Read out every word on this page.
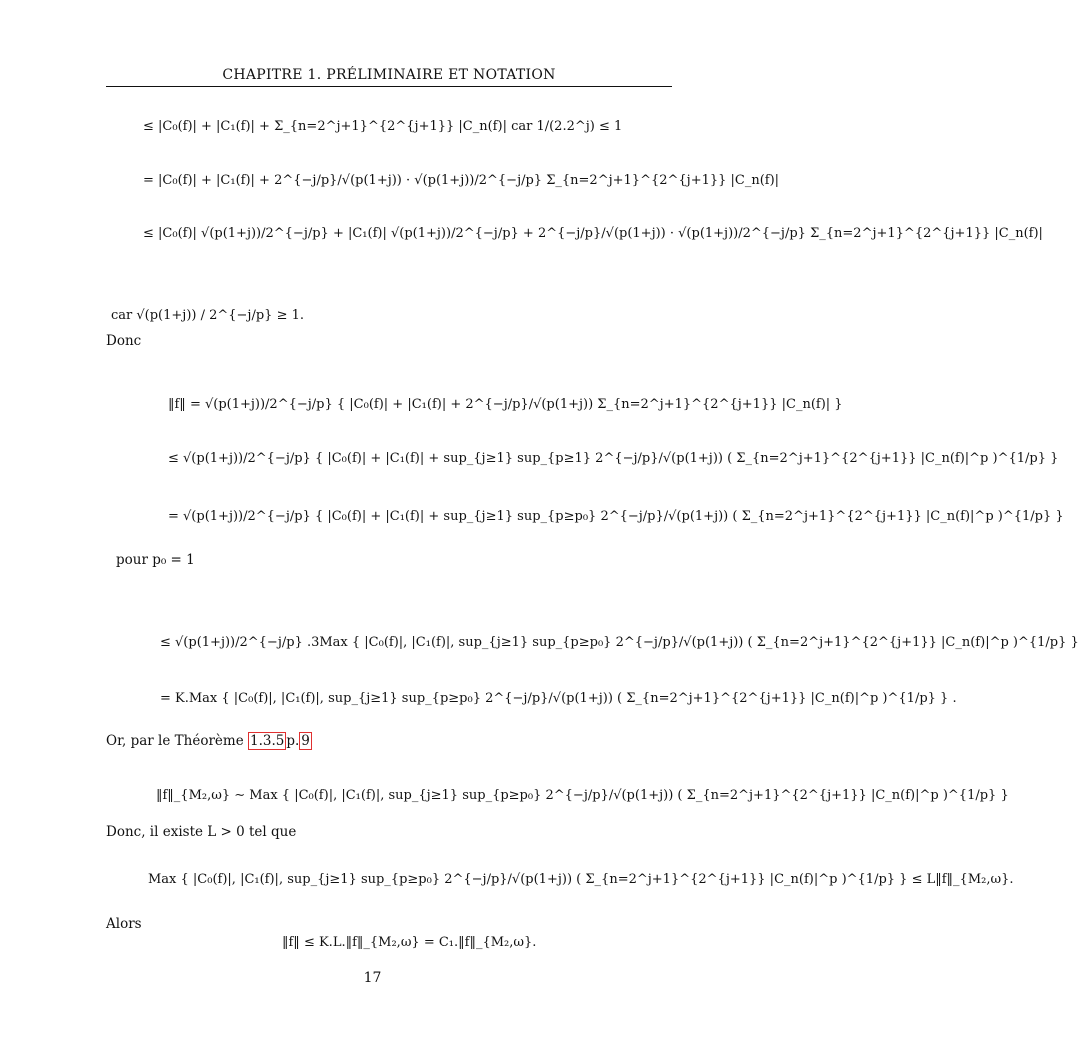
CHAPITRE 1. PRÉLIMINAIRE ET NOTATION
≤ |C₀(f)| + |C₁(f)| + Σ_{n=2^j+1}^{2^{j+1}} |C_n(f)| car 1/(2.2^j) ≤ 1
= |C₀(f)| + |C₁(f)| + 2^{−j/p}/√(p(1+j)) · √(p(1+j))/2^{−j/p} Σ_{n=2^j+1}^{2^{j+1}} |C_n(f)|
≤ |C₀(f)| √(p(1+j))/2^{−j/p} + |C₁(f)| √(p(1+j))/2^{−j/p} + 2^{−j/p}/√(p(1+j)) · √(p(1+j))/2^{−j/p} Σ_{n=2^j+1}^{2^{j+1}} |C_n(f)|
car √(p(1+j)) / 2^{−j/p} ≥ 1.
Donc
‖f‖ = √(p(1+j))/2^{−j/p} { |C₀(f)| + |C₁(f)| + 2^{−j/p}/√(p(1+j)) Σ_{n=2^j+1}^{2^{j+1}} |C_n(f)| }
≤ √(p(1+j))/2^{−j/p} { |C₀(f)| + |C₁(f)| + sup_{j≥1} sup_{p≥1} 2^{−j/p}/√(p(1+j)) ( Σ_{n=2^j+1}^{2^{j+1}} |C_n(f)|^p )^{1/p} }
= √(p(1+j))/2^{−j/p} { |C₀(f)| + |C₁(f)| + sup_{j≥1} sup_{p≥p₀} 2^{−j/p}/√(p(1+j)) ( Σ_{n=2^j+1}^{2^{j+1}} |C_n(f)|^p )^{1/p} }
pour p₀ = 1
≤ √(p(1+j))/2^{−j/p} .3Max { |C₀(f)|, |C₁(f)|, sup_{j≥1} sup_{p≥p₀} 2^{−j/p}/√(p(1+j)) ( Σ_{n=2^j+1}^{2^{j+1}} |C_n(f)|^p )^{1/p} }
= K.Max { |C₀(f)|, |C₁(f)|, sup_{j≥1} sup_{p≥p₀} 2^{−j/p}/√(p(1+j)) ( Σ_{n=2^j+1}^{2^{j+1}} |C_n(f)|^p )^{1/p} } .
Or, par le Théorème 1.3.5 p. 9
‖f‖_{M₂,ω} ∼ Max { |C₀(f)|, |C₁(f)|, sup_{j≥1} sup_{p≥p₀} 2^{−j/p}/√(p(1+j)) ( Σ_{n=2^j+1}^{2^{j+1}} |C_n(f)|^p )^{1/p} }
Donc, il existe L > 0 tel que
Max { |C₀(f)|, |C₁(f)|, sup_{j≥1} sup_{p≥p₀} 2^{−j/p}/√(p(1+j)) ( Σ_{n=2^j+1}^{2^{j+1}} |C_n(f)|^p )^{1/p} } ≤ L‖f‖_{M₂,ω}.
Alors
‖f‖ ≤ K.L.‖f‖_{M₂,ω} = C₁.‖f‖_{M₂,ω}.
17
